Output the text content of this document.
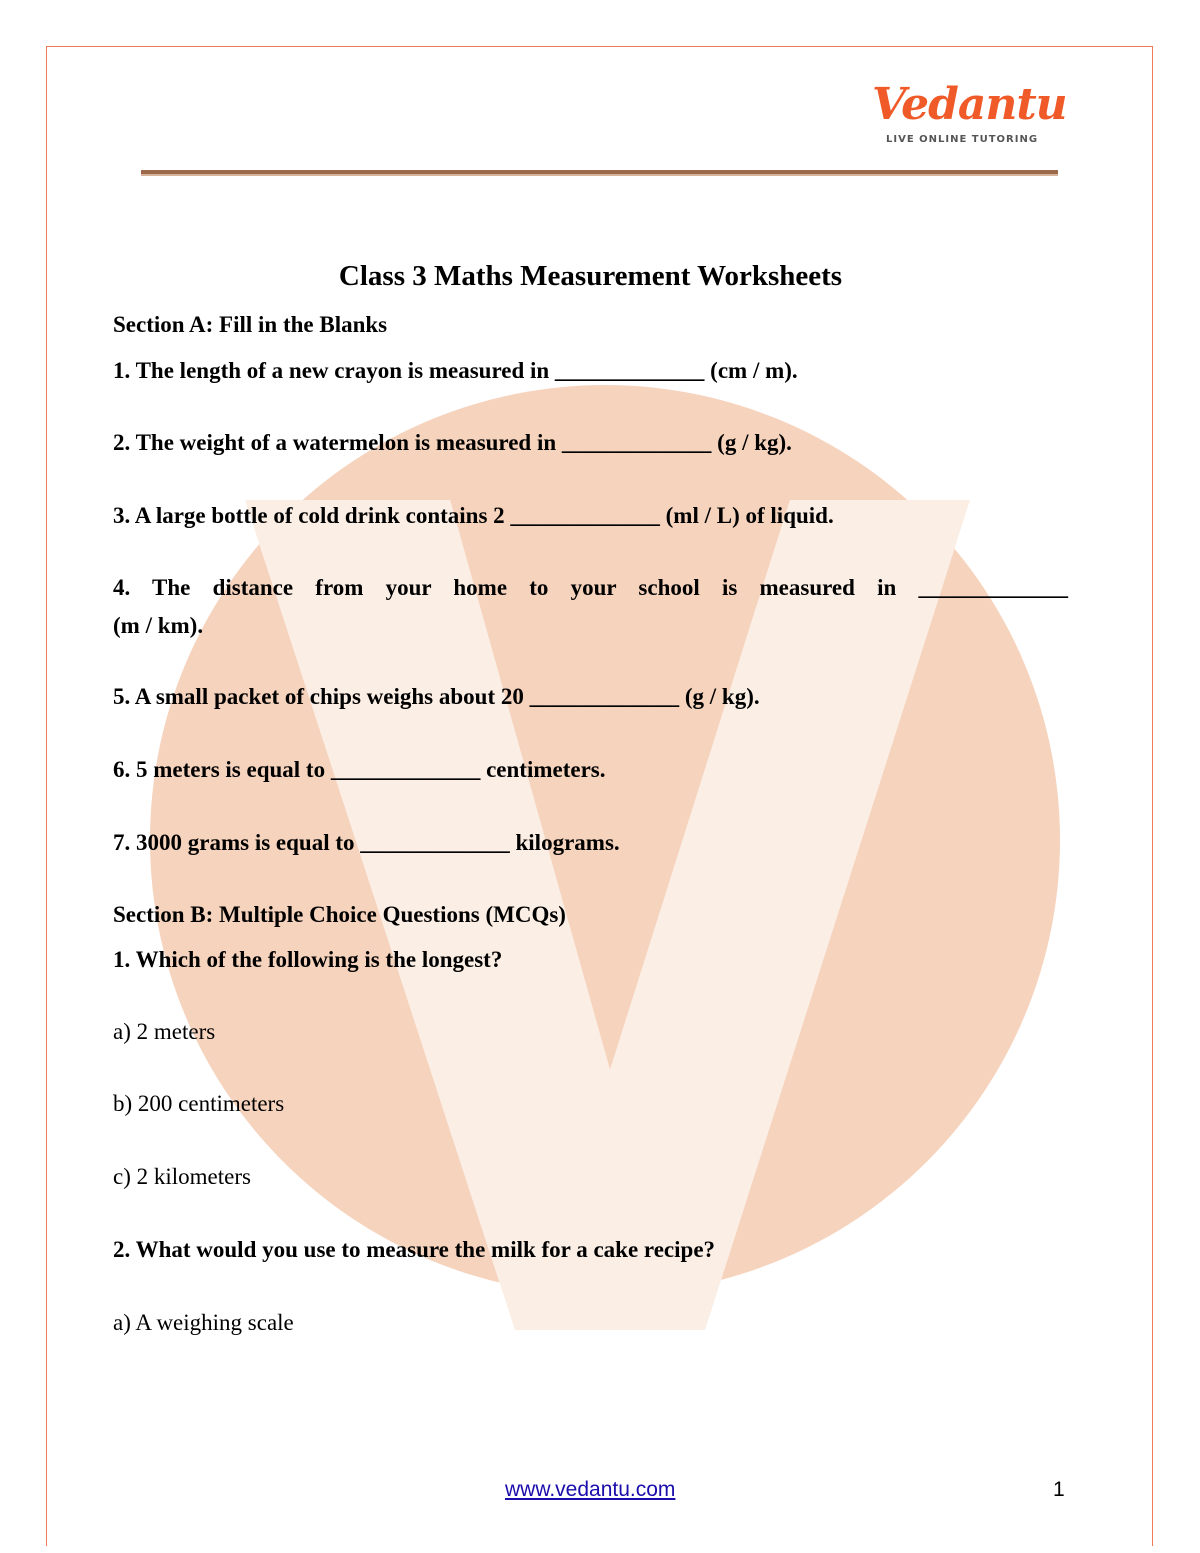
Vedantu
LIVE ONLINE TUTORING
Class 3 Maths Measurement Worksheets
Section A: Fill in the Blanks
1. The length of a new crayon is measured in _____________ (cm / m).
2. The weight of a watermelon is measured in _____________ (g / kg).
3. A large bottle of cold drink contains 2 _____________ (ml / L) of liquid.
4. The distance from your home to your school is measured in _____________
(m / km).
5. A small packet of chips weighs about 20 _____________ (g / kg).
6. 5 meters is equal to _____________ centimeters.
7. 3000 grams is equal to _____________ kilograms.
Section B: Multiple Choice Questions (MCQs)
1. Which of the following is the longest?
a) 2 meters
b) 200 centimeters
c) 2 kilometers
2. What would you use to measure the milk for a cake recipe?
a) A weighing scale
www.vedantu.com	1
